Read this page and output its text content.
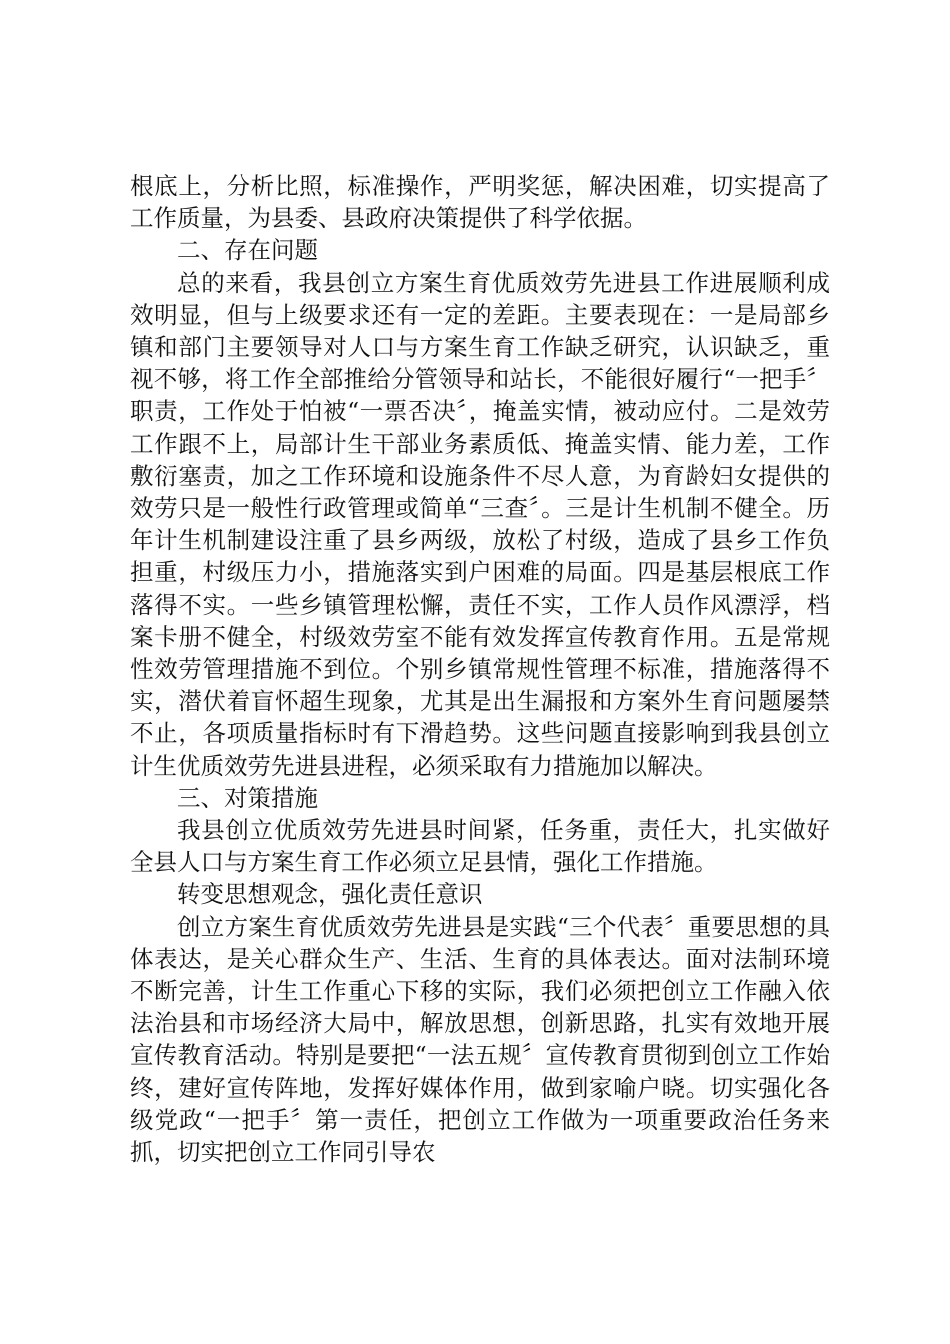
根底上，分析比照，标准操作，严明奖惩，解决困难，切实提高了工作质量，为县委、县政府决策提供了科学依据。

二、存在问题

总的来看，我县创立方案生育优质效劳先进县工作进展顺利成效明显，但与上级要求还有一定的差距。主要表现在：一是局部乡镇和部门主要领导对人口与方案生育工作缺乏研究，认识缺乏，重视不够，将工作全部推给分管领导和站长，不能很好履行“一把手〞职责，工作处于怕被“一票否决〞，掩盖实情，被动应付。二是效劳工作跟不上，局部计生干部业务素质低、掩盖实情、能力差，工作敷衍塞责，加之工作环境和设施条件不尽人意，为育龄妇女提供的效劳只是一般性行政管理或简单“三查〞。三是计生机制不健全。历年计生机制建设注重了县乡两级，放松了村级，造成了县乡工作负担重，村级压力小，措施落实到户困难的局面。四是基层根底工作落得不实。一些乡镇管理松懈，责任不实，工作人员作风漂浮，档案卡册不健全，村级效劳室不能有效发挥宣传教育作用。五是常规性效劳管理措施不到位。个别乡镇常规性管理不标准，措施落得不实，潜伏着盲怀超生现象，尤其是出生漏报和方案外生育问题屡禁不止，各项质量指标时有下滑趋势。这些问题直接影响到我县创立计生优质效劳先进县进程，必须采取有力措施加以解决。

三、对策措施

我县创立优质效劳先进县时间紧，任务重，责任大，扎实做好全县人口与方案生育工作必须立足县情，强化工作措施。

转变思想观念，强化责任意识

创立方案生育优质效劳先进县是实践“三个代表〞重要思想的具体表达，是关心群众生产、生活、生育的具体表达。面对法制环境不断完善，计生工作重心下移的实际，我们必须把创立工作融入依法治县和市场经济大局中，解放思想，创新思路，扎实有效地开展宣传教育活动。特别是要把“一法五规〞宣传教育贯彻到创立工作始终，建好宣传阵地，发挥好媒体作用，做到家喻户晓。切实强化各级党政“一把手〞第一责任，把创立工作做为一项重要政治任务来抓，切实把创立工作同引导农
